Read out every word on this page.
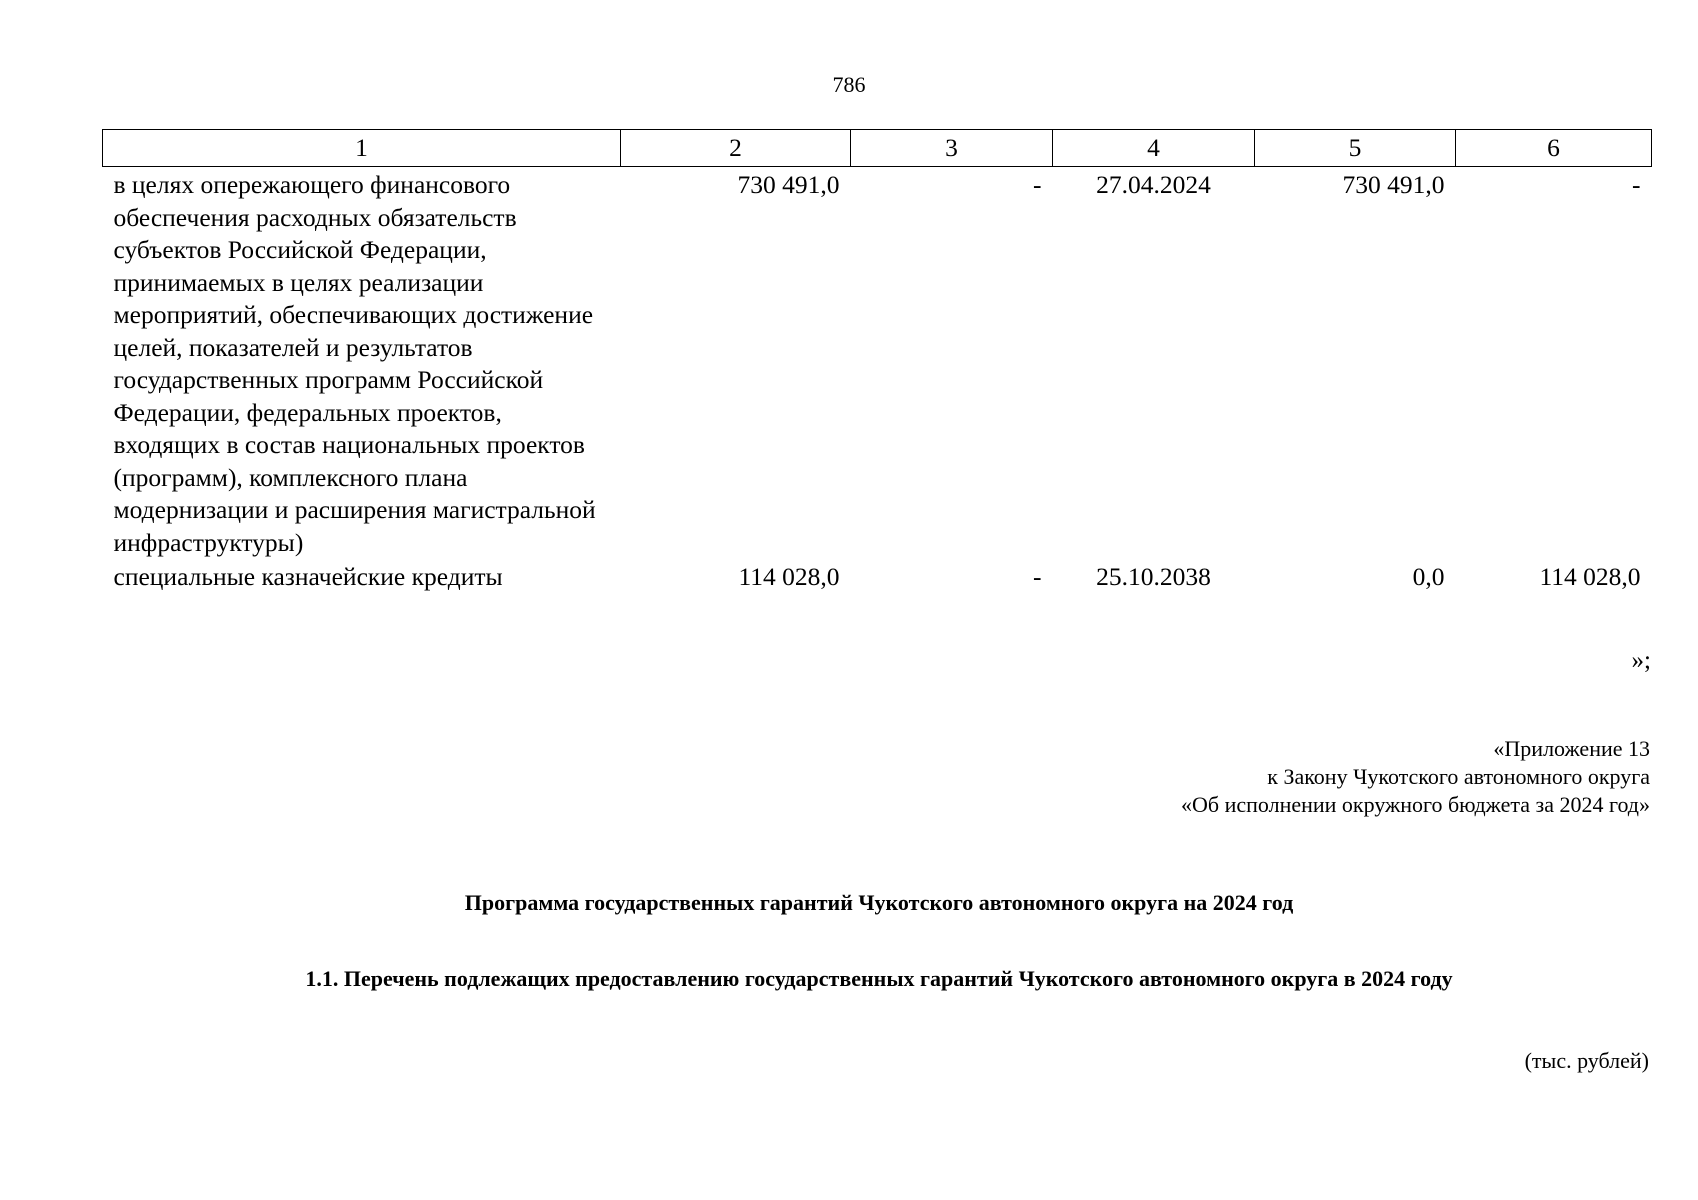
786
1	2	3	4	5	6
в целях опережающего финансового обеспечения расходных обязательств субъектов Российской Федерации, принимаемых в целях реализации мероприятий, обеспечивающих достижение целей, показателей и результатов государственных программ Российской Федерации, федеральных проектов, входящих в состав национальных проектов (программ), комплексного плана модернизации и расширения магистральной инфраструктуры)	730 491,0	-	27.04.2024	730 491,0	-
специальные казначейские кредиты	114 028,0	-	25.10.2038	0,0	114 028,0
»;
«Приложение 13
к Закону Чукотского автономного округа
«Об исполнении окружного бюджета за 2024 год»
Программа государственных гарантий Чукотского автономного округа на 2024 год
1.1. Перечень подлежащих предоставлению государственных гарантий Чукотского автономного округа в 2024 году
(тыс. рублей)
